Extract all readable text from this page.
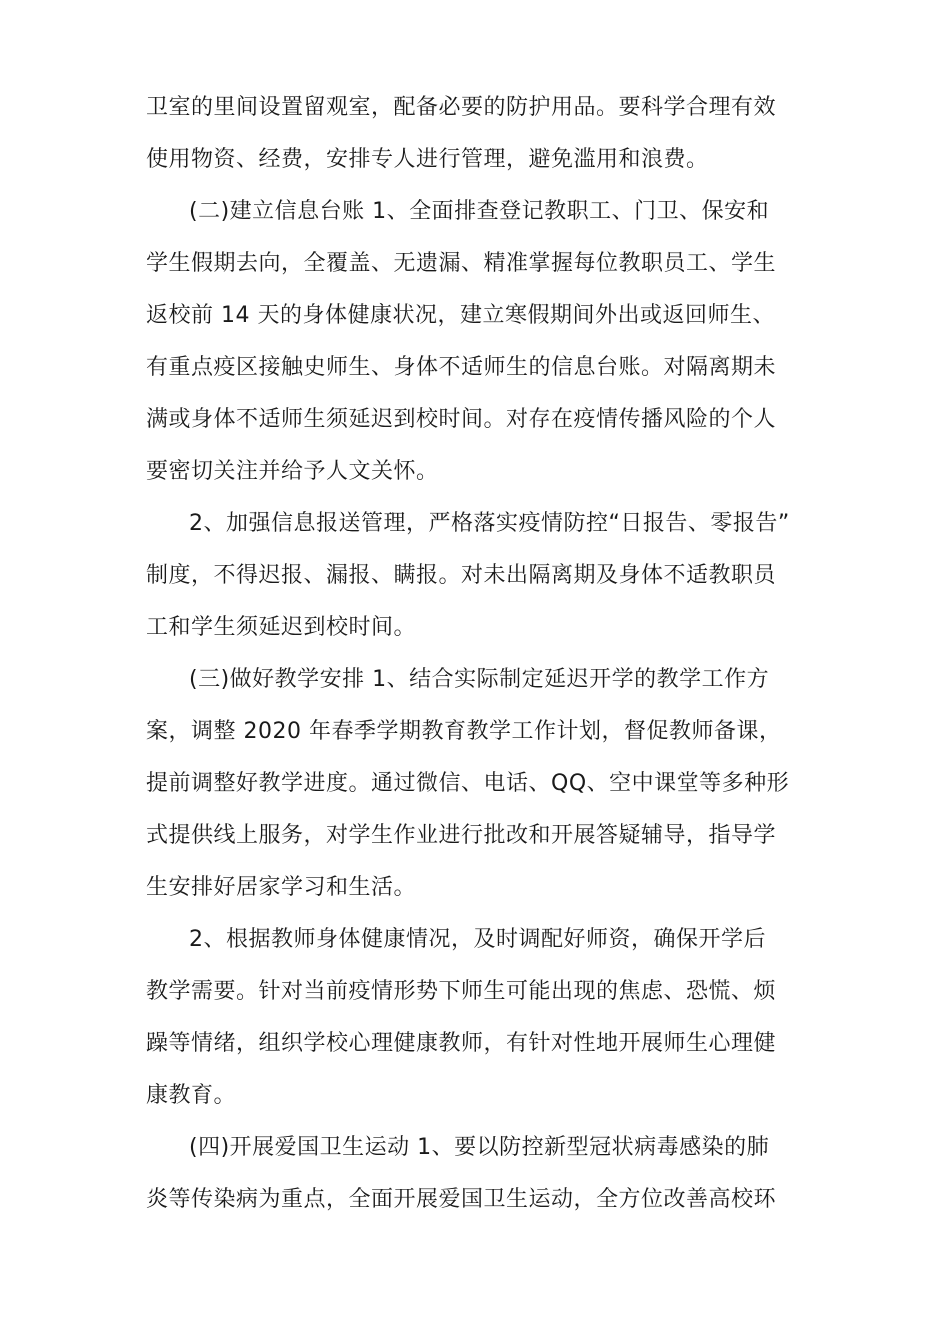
卫室的里间设置留观室，配备必要的防护用品。要科学合理有效
使用物资、经费，安排专人进行管理，避免滥用和浪费。
(二)建立信息台账 1、全面排查登记教职工、门卫、保安和
学生假期去向，全覆盖、无遗漏、精准掌握每位教职员工、学生
返校前 14 天的身体健康状况，建立寒假期间外出或返回师生、
有重点疫区接触史师生、身体不适师生的信息台账。对隔离期未
满或身体不适师生须延迟到校时间。对存在疫情传播风险的个人
要密切关注并给予人文关怀。
2、加强信息报送管理，严格落实疫情防控“日报告、零报告”
制度，不得迟报、漏报、瞒报。对未出隔离期及身体不适教职员
工和学生须延迟到校时间。
(三)做好教学安排 1、结合实际制定延迟开学的教学工作方
案，调整 2020 年春季学期教育教学工作计划，督促教师备课，
提前调整好教学进度。通过微信、电话、QQ、空中课堂等多种形
式提供线上服务，对学生作业进行批改和开展答疑辅导，指导学
生安排好居家学习和生活。
2、根据教师身体健康情况，及时调配好师资，确保开学后
教学需要。针对当前疫情形势下师生可能出现的焦虑、恐慌、烦
躁等情绪，组织学校心理健康教师，有针对性地开展师生心理健
康教育。
(四)开展爱国卫生运动 1、要以防控新型冠状病毒感染的肺
炎等传染病为重点，全面开展爱国卫生运动，全方位改善高校环
